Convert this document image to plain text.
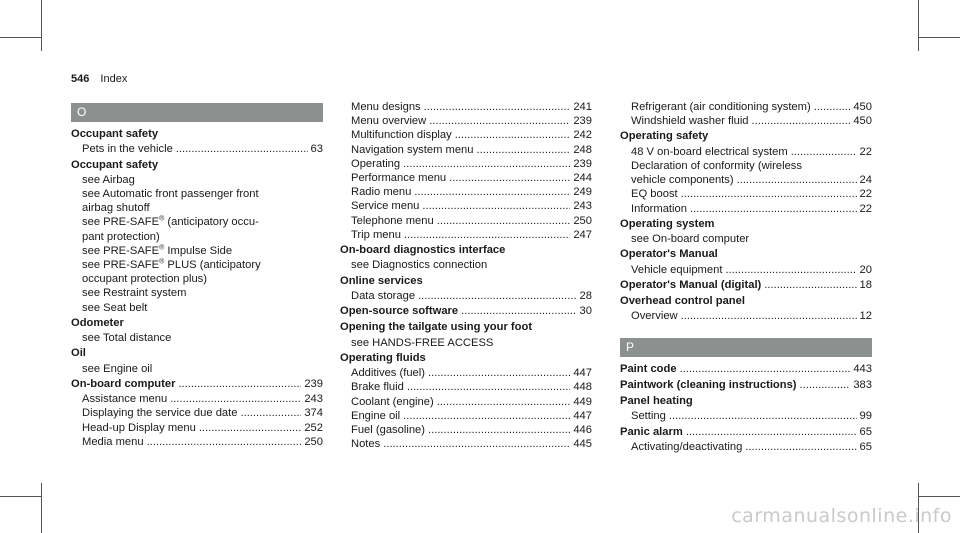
546 Index
O
Occupant safety
Pets in the vehicle .....	63
Occupant safety
see Airbag
see Automatic front passenger front
airbag shutoff
see PRE-SAFE® (anticipatory occu-
pant protection)
see PRE-SAFE® Impulse Side
see PRE-SAFE® PLUS (anticipatory
occupant protection plus)
see Restraint system
see Seat belt
Odometer
see Total distance
Oil
see Engine oil
On-board computer .....	239
Assistance menu .....	243
Displaying the service due date .....	374
Head-up Display menu .....	252
Media menu .....	250
Menu designs .....	241
Menu overview .....	239
Multifunction display .....	242
Navigation system menu .....	248
Operating .....	239
Performance menu .....	244
Radio menu .....	249
Service menu .....	243
Telephone menu .....	250
Trip menu .....	247
On-board diagnostics interface
see Diagnostics connection
Online services
Data storage .....	28
Open-source software .....	30
Opening the tailgate using your foot
see HANDS-FREE ACCESS
Operating fluids
Additives (fuel) .....	447
Brake fluid .....	448
Coolant (engine) .....	449
Engine oil .....	447
Fuel (gasoline) .....	446
Notes .....	445
Refrigerant (air conditioning system) .....	450
Windshield washer fluid .....	450
Operating safety
48 V on-board electrical system .....	22
Declaration of conformity (wireless
vehicle components) .....	24
EQ boost .....	22
Information .....	22
Operating system
see On-board computer
Operator's Manual
Vehicle equipment .....	20
Operator's Manual (digital) .....	18
Overhead control panel
Overview .....	12
P
Paint code .....	443
Paintwork (cleaning instructions) .....	383
Panel heating
Setting .....	99
Panic alarm .....	65
Activating/deactivating .....	65
carmanualsonline.info
